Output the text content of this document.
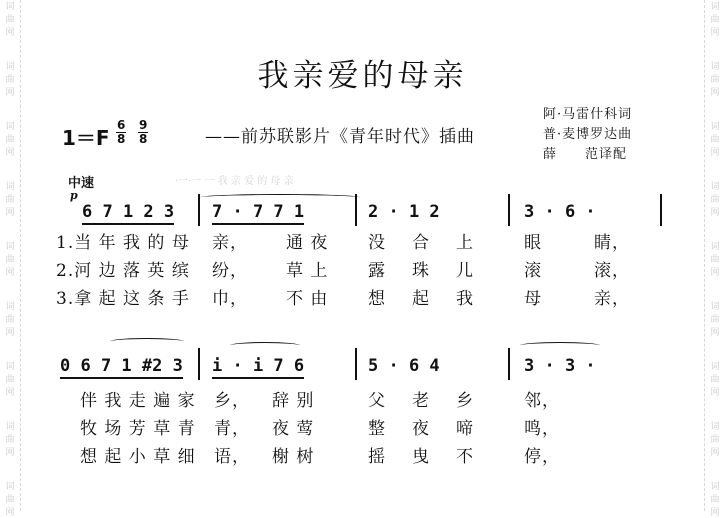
词
曲
网
词
曲
网
词
曲
网
词
曲
网
词
曲
网
词
曲
网
词
曲
网
词
曲
网
词
曲
网
词
曲
网
词
曲
网
词
曲
网
词
曲
网
词
曲
网
词
曲
网
词
曲
网
词
曲
网
词
曲
网
我亲爱的母亲
1＝F
6
8
9
8	——前苏联影片《青年时代》插曲
阿·马雷什科词
普·麦博罗达曲
薛　　范译配
中速
p
·一·一 一 我 亲 爱 的 母 亲
6 7 1 2 3 7 · 7 7 1	2 · 1 2	3 · 6 ·
1.当 年 我 的 母 亲， 通 夜 没 合 上	眼	睛，
2.河 边 落 英 缤 纷， 草 上 露 珠 儿	滚	滚，
3.拿 起 这 条 手 巾， 不 由 想 起 我	母	亲，
0 6 7 1 #2 3 i · i 7 6	5 · 6 4	3 · 3 ·
伴 我 走 遍 家 乡， 辞 别	父 老 乡	邻，
牧 场 芳 草 青 青， 夜 莺	整 夜 啼	鸣，
想 起 小 草 细 语， 榭 树	摇 曳 不	停，
